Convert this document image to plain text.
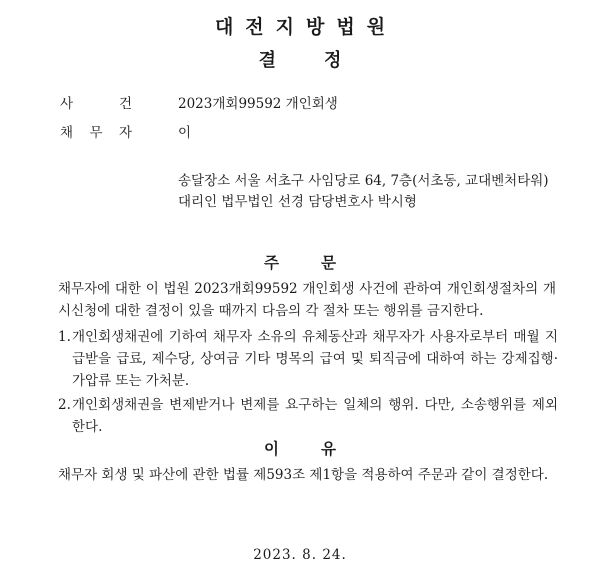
대전지방법원
결정
사	건	2023개회99592 개인회생
채 무 자	이
송달장소 서울 서초구 사임당로 64, 7층(서초동, 교대벤처타워)
대리인 법무법인 선경 담당변호사 박시형
주문
채무자에 대한 이 법원 2023개회99592 개인회생 사건에 관하여 개인회생절차의 개시신청에 대한 결정이 있을 때까지 다음의 각 절차 또는 행위를 금지한다.
1. 개인회생채권에 기하여 채무자 소유의 유체동산과 채무자가 사용자로부터 매월 지급받을 급료, 제수당, 상여금 기타 명목의 급여 및 퇴직금에 대하여 하는 강제집행·가압류 또는 가처분.
2. 개인회생채권을 변제받거나 변제를 요구하는 일체의 행위. 다만, 소송행위를 제외한다.
이유
채무자 회생 및 파산에 관한 법률 제593조 제1항을 적용하여 주문과 같이 결정한다.
2023. 8. 24.
